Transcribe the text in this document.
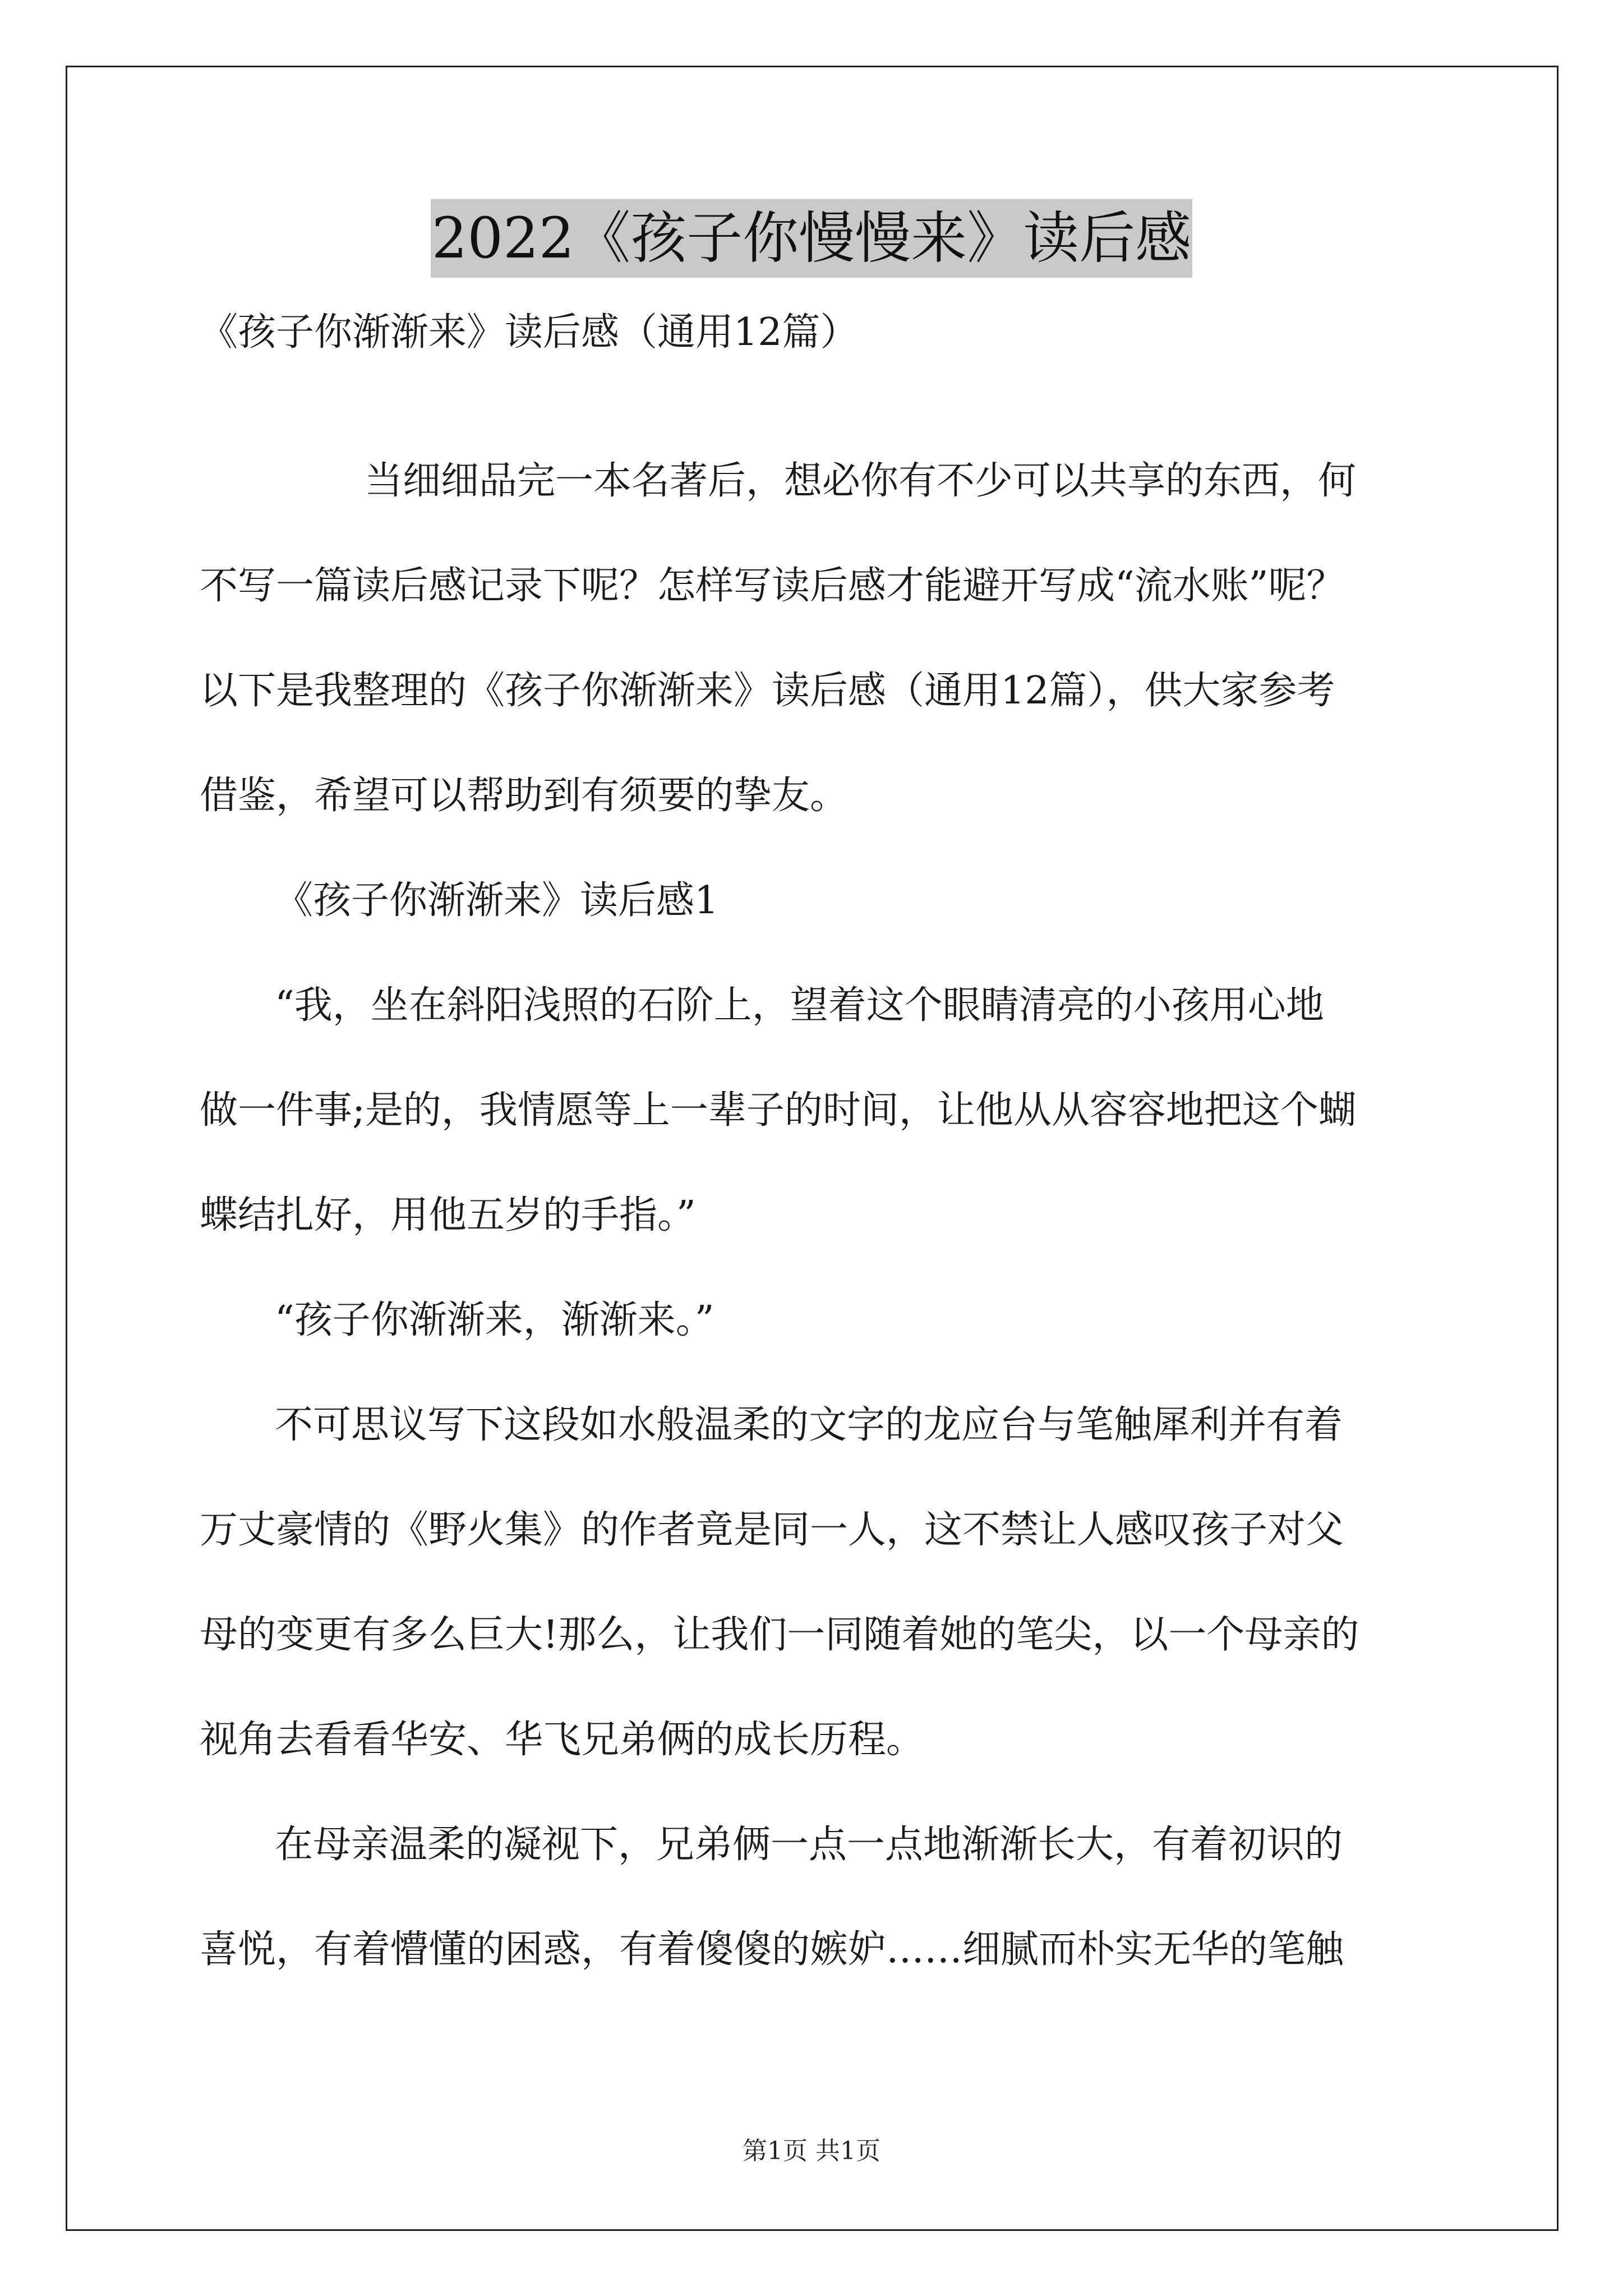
2022《孩子你慢慢来》读后感
《孩子你渐渐来》读后感（通用12篇）
当细细品完一本名著后，想必你有不少可以共享的东西，何
不写一篇读后感记录下呢？怎样写读后感才能避开写成“流水账”呢？
以下是我整理的《孩子你渐渐来》读后感（通用12篇），供大家参考
借鉴，希望可以帮助到有须要的挚友。
《孩子你渐渐来》读后感1
“我，坐在斜阳浅照的石阶上，望着这个眼睛清亮的小孩用心地
做一件事;是的，我情愿等上一辈子的时间，让他从从容容地把这个蝴
蝶结扎好，用他五岁的手指。”
“孩子你渐渐来，渐渐来。”
不可思议写下这段如水般温柔的文字的龙应台与笔触犀利并有着
万丈豪情的《野火集》的作者竟是同一人，这不禁让人感叹孩子对父
母的变更有多么巨大!那么，让我们一同随着她的笔尖，以一个母亲的
视角去看看华安、华飞兄弟俩的成长历程。
在母亲温柔的凝视下，兄弟俩一点一点地渐渐长大，有着初识的
喜悦，有着懵懂的困惑，有着傻傻的嫉妒……细腻而朴实无华的笔触
第1页 共1页
